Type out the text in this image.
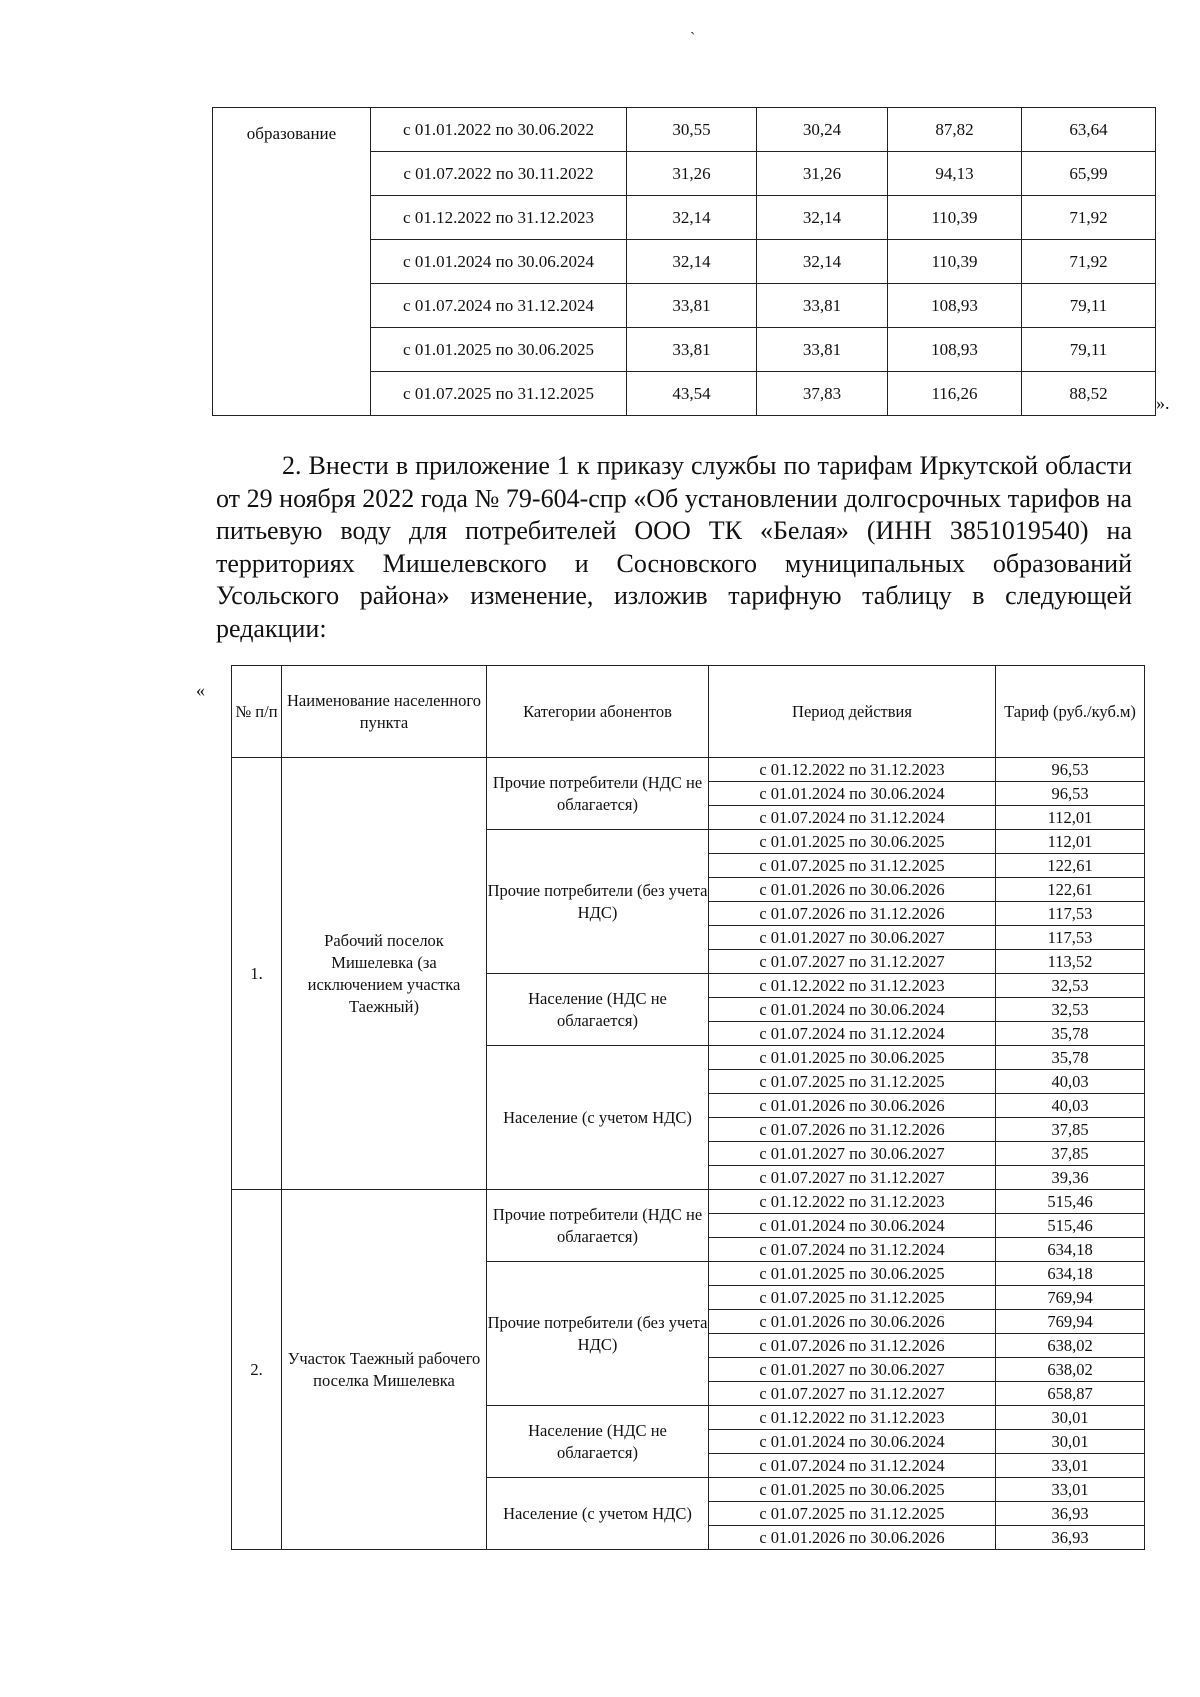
`
образование	с 01.01.2022 по 30.06.2022	30,55	30,24	87,82	63,64
	с 01.07.2022 по 30.11.2022	31,26	31,26	94,13	65,99
	с 01.12.2022 по 31.12.2023	32,14	32,14	110,39	71,92
	с 01.01.2024 по 30.06.2024	32,14	32,14	110,39	71,92
	с 01.07.2024 по 31.12.2024	33,81	33,81	108,93	79,11
	с 01.01.2025 по 30.06.2025	33,81	33,81	108,93	79,11
	с 01.07.2025 по 31.12.2025	43,54	37,83	116,26	88,52	».

2. Внести в приложение 1 к приказу службы по тарифам Иркутской области от 29 ноября 2022 года № 79-604-спр «Об установлении долгосрочных тарифов на питьевую воду для потребителей ООО ТК «Белая» (ИНН 3851019540) на территориях Мишелевского и Сосновского муниципальных образований Усольского района» изменение, изложив тарифную таблицу в следующей редакции:

«
№ п/п	Наименование населенного пункта	Категории абонентов	Период действия	Тариф (руб./куб.м)
1.	Рабочий поселок Мишелевка (за исключением участка Таежный)	Прочие потребители (НДС не облагается)	с 01.12.2022 по 31.12.2023	96,53
			с 01.01.2024 по 30.06.2024	96,53
			с 01.07.2024 по 31.12.2024	112,01
		Прочие потребители (без учета НДС)	с 01.01.2025 по 30.06.2025	112,01
			с 01.07.2025 по 31.12.2025	122,61
			с 01.01.2026 по 30.06.2026	122,61
			с 01.07.2026 по 31.12.2026	117,53
			с 01.01.2027 по 30.06.2027	117,53
			с 01.07.2027 по 31.12.2027	113,52
		Население (НДС не облагается)	с 01.12.2022 по 31.12.2023	32,53
			с 01.01.2024 по 30.06.2024	32,53
			с 01.07.2024 по 31.12.2024	35,78
		Население (с учетом НДС)	с 01.01.2025 по 30.06.2025	35,78
			с 01.07.2025 по 31.12.2025	40,03
			с 01.01.2026 по 30.06.2026	40,03
			с 01.07.2026 по 31.12.2026	37,85
			с 01.01.2027 по 30.06.2027	37,85
			с 01.07.2027 по 31.12.2027	39,36
2.	Участок Таежный рабочего поселка Мишелевка	Прочие потребители (НДС не облагается)	с 01.12.2022 по 31.12.2023	515,46
			с 01.01.2024 по 30.06.2024	515,46
			с 01.07.2024 по 31.12.2024	634,18
		Прочие потребители (без учета НДС)	с 01.01.2025 по 30.06.2025	634,18
			с 01.07.2025 по 31.12.2025	769,94
			с 01.01.2026 по 30.06.2026	769,94
			с 01.07.2026 по 31.12.2026	638,02
			с 01.01.2027 по 30.06.2027	638,02
			с 01.07.2027 по 31.12.2027	658,87
		Население (НДС не облагается)	с 01.12.2022 по 31.12.2023	30,01
			с 01.01.2024 по 30.06.2024	30,01
			с 01.07.2024 по 31.12.2024	33,01
		Население (с учетом НДС)	с 01.01.2025 по 30.06.2025	33,01
			с 01.07.2025 по 31.12.2025	36,93
			с 01.01.2026 по 30.06.2026	36,93
